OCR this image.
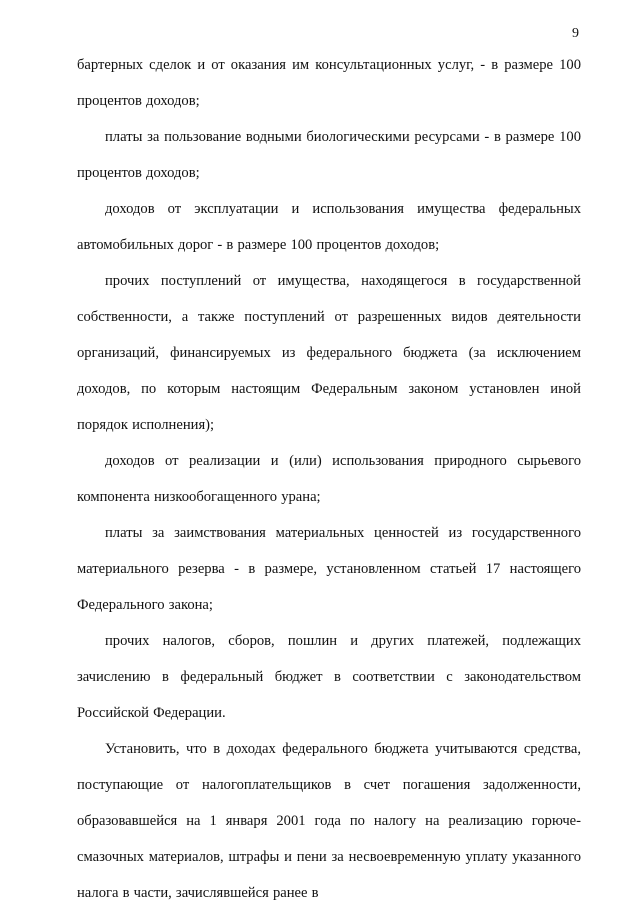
9

бартерных сделок и от оказания им консультационных услуг, - в размере 100 процентов доходов;

платы за пользование водными биологическими ресурсами - в размере 100 процентов доходов;

доходов от эксплуатации и использования имущества федеральных автомобильных дорог - в размере 100 процентов доходов;

прочих поступлений от имущества, находящегося в государственной собственности, а также поступлений от разрешенных видов деятельности организаций, финансируемых из федерального бюджета (за исключением доходов, по которым настоящим Федеральным законом установлен иной порядок исполнения);

доходов от реализации и (или) использования природного сырьевого компонента низкообогащенного урана;

платы за заимствования материальных ценностей из государственного материального резерва - в размере, установленном статьей 17 настоящего Федерального закона;

прочих налогов, сборов, пошлин и других платежей, подлежащих зачислению в федеральный бюджет в соответствии с законодательством Российской Федерации.

Установить, что в доходах федерального бюджета учитываются средства, поступающие от налогоплательщиков в счет погашения задолженности, образовавшейся на 1 января 2001 года по налогу на реализацию горюче-смазочных материалов, штрафы и пени за несвоевременную уплату указанного налога в части, зачислявшейся ранее в
